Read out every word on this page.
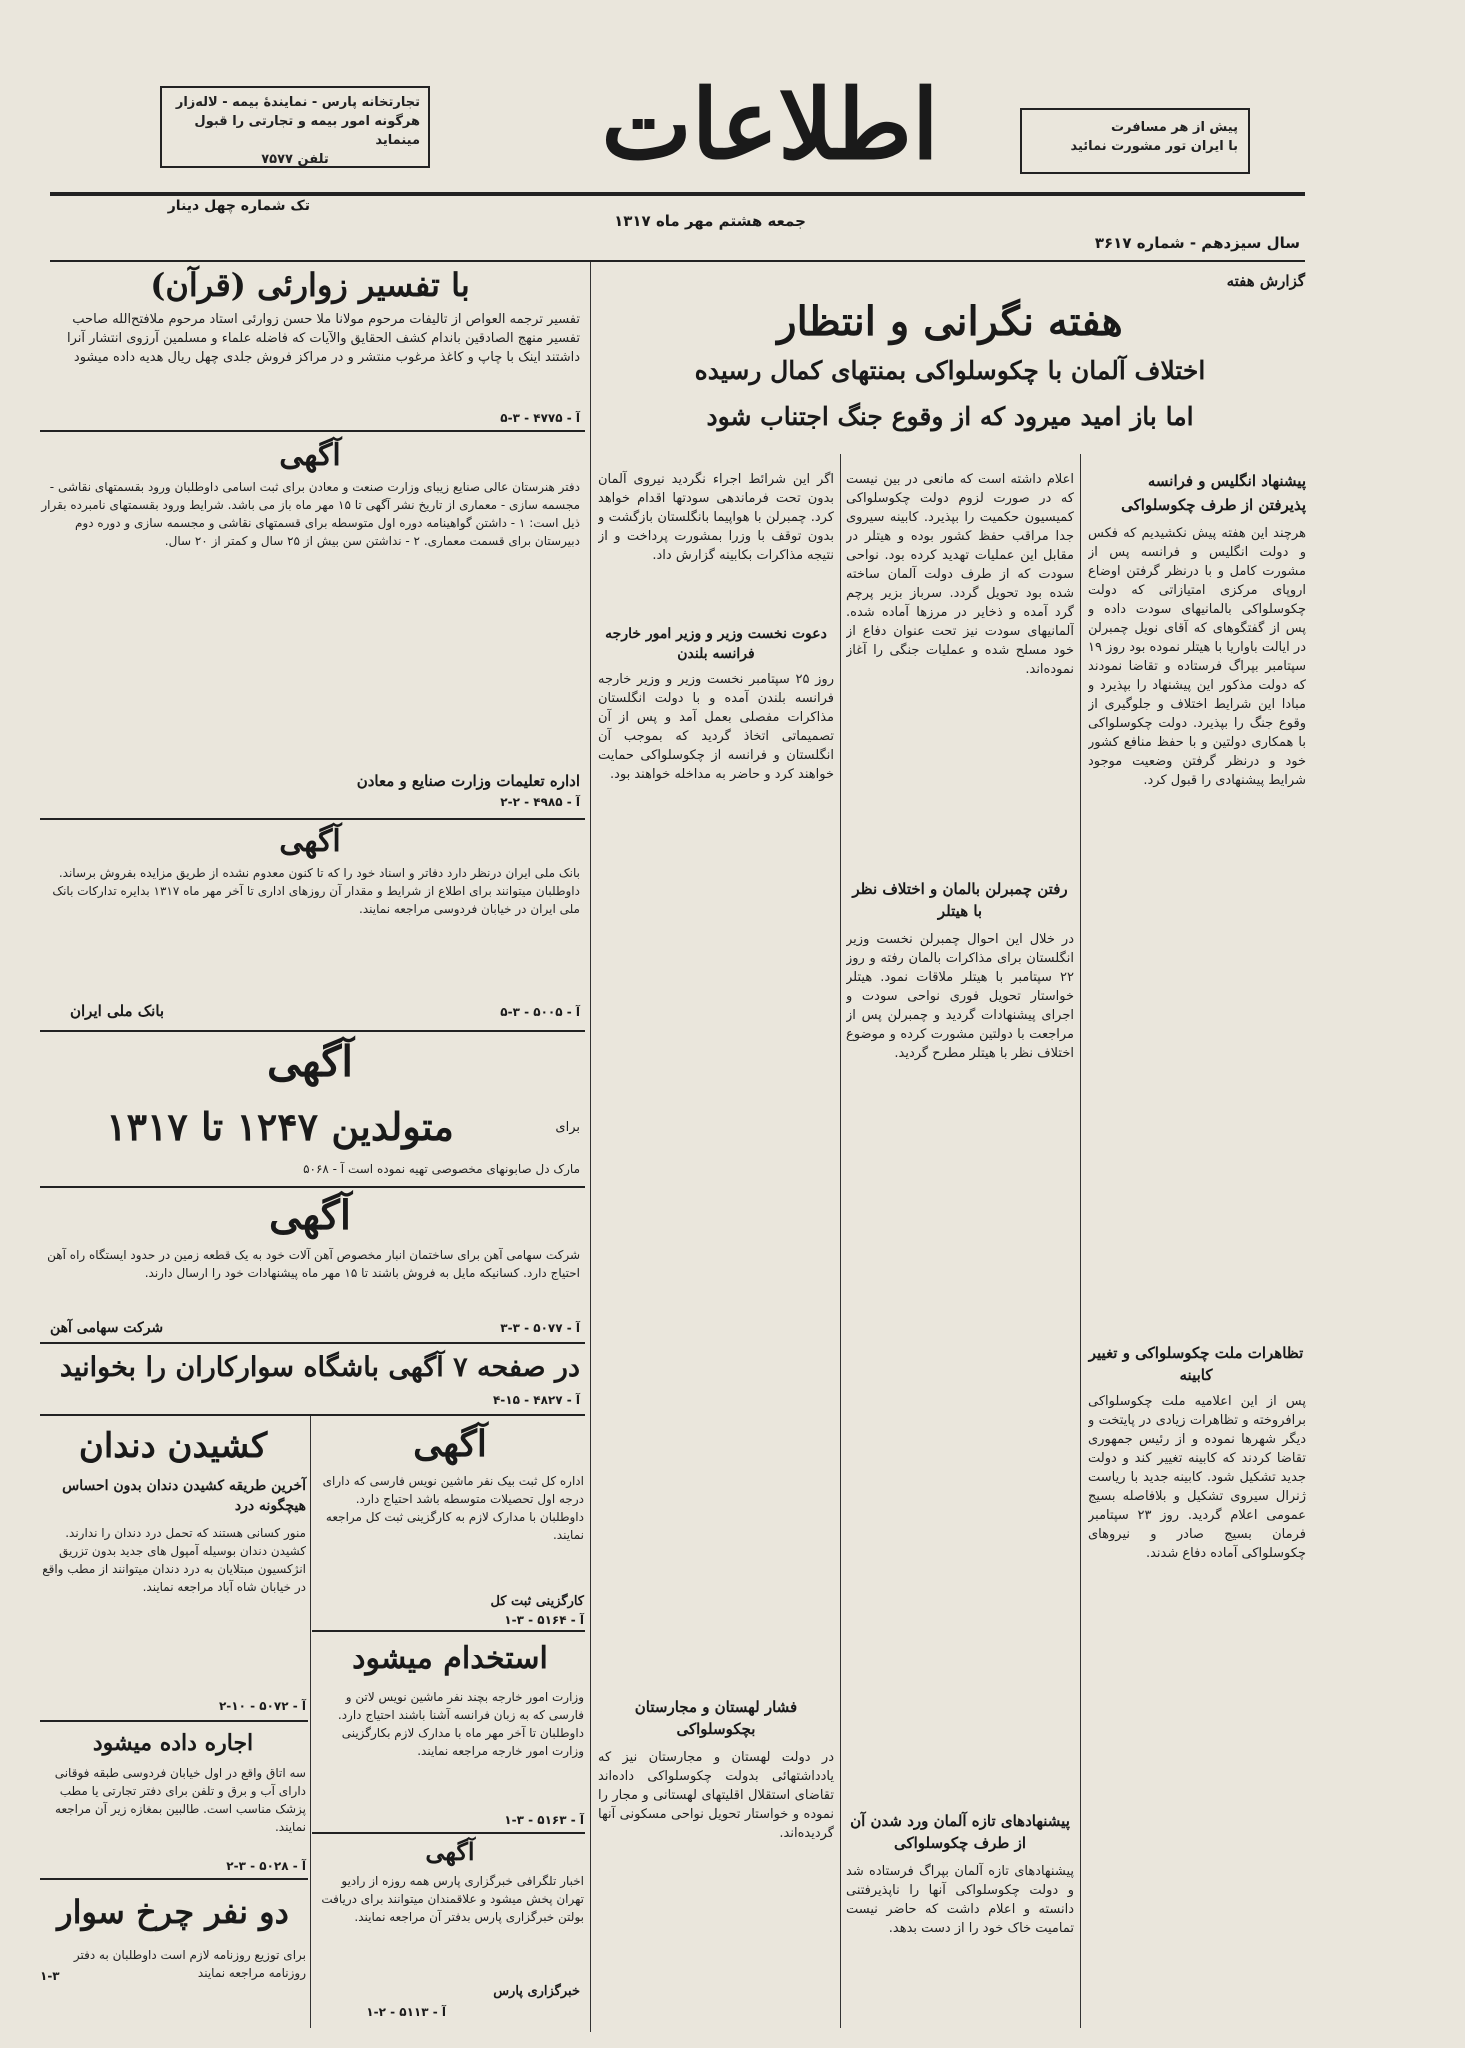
تجارتخانه پارس - نمایندهٔ بیمه - لاله‌زار
هرگونه امور بیمه و تجارتی را قبول مینماید
تلفن ۷۵۷۷	اطلاعات	پیش از هر مسافرت
با ایران تور مشورت نمائید
تک شماره چهل دینار
جمعه هشتم مهر ماه ۱۳۱۷
سال سیزدهم - شماره ۳۶۱۷
(قرآن) با تفسیر زوارئی
تفسیر ترجمه العواص از تالیفات مرحوم مولانا ملا حسن زوارئی استاد مرحوم ملافتح‌الله صاحب تفسیر منهج الصادقین باندام کشف الحقایق والآیات که فاضله علماء و مسلمین آرزوی انتشار آنرا داشتند اینک با چاپ و کاغذ مرغوب منتشر و در مراکز فروش جلدی چهل ریال هدیه داده میشود
آ - ۴۷۷۵ - ۳-۵
آگهی
دفتر هنرستان عالی صنایع زیبای وزارت صنعت و معادن برای ثبت اسامی داوطلبان ورود بقسمتهای نقاشی - مجسمه سازی - معماری از تاریخ نشر آگهی تا ۱۵ مهر ماه باز می باشد. شرایط ورود بقسمتهای نامبرده بقرار ذیل است: ۱ - داشتن گواهینامه دوره اول متوسطه برای قسمتهای نقاشی و مجسمه سازی و دوره دوم دبیرستان برای قسمت معماری. ۲ - نداشتن سن بیش از ۲۵ سال و کمتر از ۲۰ سال.
اداره تعلیمات وزارت صنایع و معادن
آ - ۴۹۸۵ - ۲-۲
آگهی
بانک ملی ایران درنظر دارد دفاتر و اسناد خود را که تا کنون معدوم نشده از طریق مزایده بفروش برساند. داوطلبان میتوانند برای اطلاع از شرایط و مقدار آن روزهای اداری تا آخر مهر ماه ۱۳۱۷ بدایره تدارکات بانک ملی ایران در خیابان فردوسی مراجعه نمایند.
بانک ملی ایران	آ - ۵۰۰۵ - ۳-۵
آگهی
برای
متولدین ۱۲۴۷ تا ۱۳۱۷
مارک دل صابونهای مخصوصی تهیه نموده است آ - ۵۰۶۸
آگهی
شرکت سهامی آهن برای ساختمان انبار مخصوص آهن آلات خود به یک قطعه زمین در حدود ایستگاه راه آهن احتیاج دارد. کسانیکه مایل به فروش باشند تا ۱۵ مهر ماه پیشنهادات خود را ارسال دارند.
شرکت سهامی آهن	آ - ۵۰۷۷ - ۳-۳
در صفحه ۷ آگهی باشگاه سوارکاران را بخوانید
آ - ۴۸۲۷ - ۱۵-۴
آگهی
اداره کل ثبت بیک نفر ماشین نویس فارسی که دارای درجه اول تحصیلات متوسطه باشد احتیاج دارد. داوطلبان با مدارک لازم به کارگزینی ثبت کل مراجعه نمایند.
کارگزینی ثبت کل
آ - ۵۱۶۴ - ۳-۱
استخدام میشود
وزارت امور خارجه بچند نفر ماشین نویس لاتن و فارسی که به زبان فرانسه آشنا باشند احتیاج دارد. داوطلبان تا آخر مهر ماه با مدارک لازم بکارگزینی وزارت امور خارجه مراجعه نمایند.
آ - ۵۱۶۳ - ۳-۱
آگهی
اخبار تلگرافی خبرگزاری پارس همه روزه از رادیو تهران پخش میشود و علاقمندان میتوانند برای دریافت بولتن خبرگزاری پارس بدفتر آن مراجعه نمایند.
خبرگزاری پارس
آ - ۵۱۱۳ - ۲-۱
کشیدن دندان
آخرین طریقه کشیدن دندان بدون احساس هیچگونه درد
منور کسانی هستند که تحمل درد دندان را ندارند. کشیدن دندان بوسیله آمپول های جدید بدون تزریق انژکسیون مبتلایان به درد دندان میتوانند از مطب واقع در خیابان شاه آباد مراجعه نمایند.
آ - ۵۰۷۲ - ۱۰-۲
اجاره داده میشود
سه اتاق واقع در اول خیابان فردوسی طبقه فوقانی دارای آب و برق و تلفن برای دفتر تجارتی یا مطب پزشک مناسب است. طالبین بمغازه زیر آن مراجعه نمایند.
آ - ۵۰۲۸ - ۳-۲
دو نفر چرخ سوار
برای توزیع روزنامه لازم است داوطلبان به دفتر روزنامه مراجعه نمایند
۱-۳
گزارش هفته
هفته نگرانی و انتظار
اختلاف آلمان با چکوسلواکی بمنتهای کمال رسیده
اما باز امید میرود که از وقوع جنگ اجتناب شود
پیشنهاد انگلیس و فرانسه
پذیرفتن از طرف چکوسلواکی
هرچند این هفته پیش نکشیدیم که فکس و دولت انگلیس و فرانسه پس از مشورت کامل و با درنظر گرفتن اوضاع اروپای مرکزی امتیازاتی که دولت چکوسلواکی بالمانیهای سودت داده و پس از گفتگوهای که آقای نویل چمبرلن در ایالت باواریا با هیتلر نموده بود روز ۱۹ سپتامبر بپراگ فرستاده و تقاضا نمودند که دولت مذکور این پیشنهاد را بپذیرد و مبادا این شرایط اختلاف و جلوگیری از وقوع جنگ را بپذیرد. دولت چکوسلواکی با همکاری دولتین و با حفظ منافع کشور خود و درنظر گرفتن وضعیت موجود شرایط پیشنهادی را قبول کرد.
تظاهرات ملت چکوسلواکی و تغییر کابینه
پس از این اعلامیه ملت چکوسلواکی برافروخته و تظاهرات زیادی در پایتخت و دیگر شهرها نموده و از رئیس جمهوری تقاضا کردند که کابینه تغییر کند و دولت جدید تشکیل شود. کابینه جدید با ریاست ژنرال سیروی تشکیل و بلافاصله بسیج عمومی اعلام گردید. روز ۲۳ سپتامبر فرمان بسیج صادر و نیروهای چکوسلواکی آماده دفاع شدند.
اعلام داشته است که مانعی در بین نیست که در صورت لزوم دولت چکوسلواکی کمیسیون حکمیت را بپذیرد. کابینه سیروی جدا مراقب حفظ کشور بوده و هیتلر در مقابل این عملیات تهدید کرده بود. نواحی سودت که از طرف دولت آلمان ساخته شده بود تحویل گردد. سرباز بزیر پرچم گرد آمده و ذخایر در مرزها آماده شده. آلمانیهای سودت نیز تحت عنوان دفاع از خود مسلح شده و عملیات جنگی را آغاز نموده‌اند.
رفتن چمبرلن بالمان و اختلاف نظر با هیتلر
در خلال این احوال چمبرلن نخست وزیر انگلستان برای مذاکرات بالمان رفته و روز ۲۲ سپتامبر با هیتلر ملاقات نمود. هیتلر خواستار تحویل فوری نواحی سودت و اجرای پیشنهادات گردید و چمبرلن پس از مراجعت با دولتین مشورت کرده و موضوع اختلاف نظر با هیتلر مطرح گردید.
پیشنهادهای تازه آلمان ورد شدن آن از طرف چکوسلواکی
پیشنهادهای تازه آلمان بپراگ فرستاده شد و دولت چکوسلواکی آنها را ناپذیرفتنی دانسته و اعلام داشت که حاضر نیست تمامیت خاک خود را از دست بدهد.
اگر این شرائط اجراء نگردید نیروی آلمان بدون تحت فرماندهی سودتها اقدام خواهد کرد. چمبرلن با هواپیما بانگلستان بازگشت و بدون توقف با وزرا بمشورت پرداخت و از نتیجه مذاکرات بکابینه گزارش داد.
دعوت نخست وزیر و وزیر امور خارجه فرانسه بلندن
روز ۲۵ سپتامبر نخست وزیر و وزیر خارجه فرانسه بلندن آمده و با دولت انگلستان مذاکرات مفصلی بعمل آمد و پس از آن تصمیماتی اتخاذ گردید که بموجب آن انگلستان و فرانسه از چکوسلواکی حمایت خواهند کرد و حاضر به مداخله خواهند بود.
فشار لهستان و مجارستان بچکوسلواکی
در دولت لهستان و مجارستان نیز که یادداشتهائی بدولت چکوسلواکی داده‌اند تقاضای استقلال اقلیتهای لهستانی و مجار را نموده و خواستار تحویل نواحی مسکونی آنها گردیده‌اند.
